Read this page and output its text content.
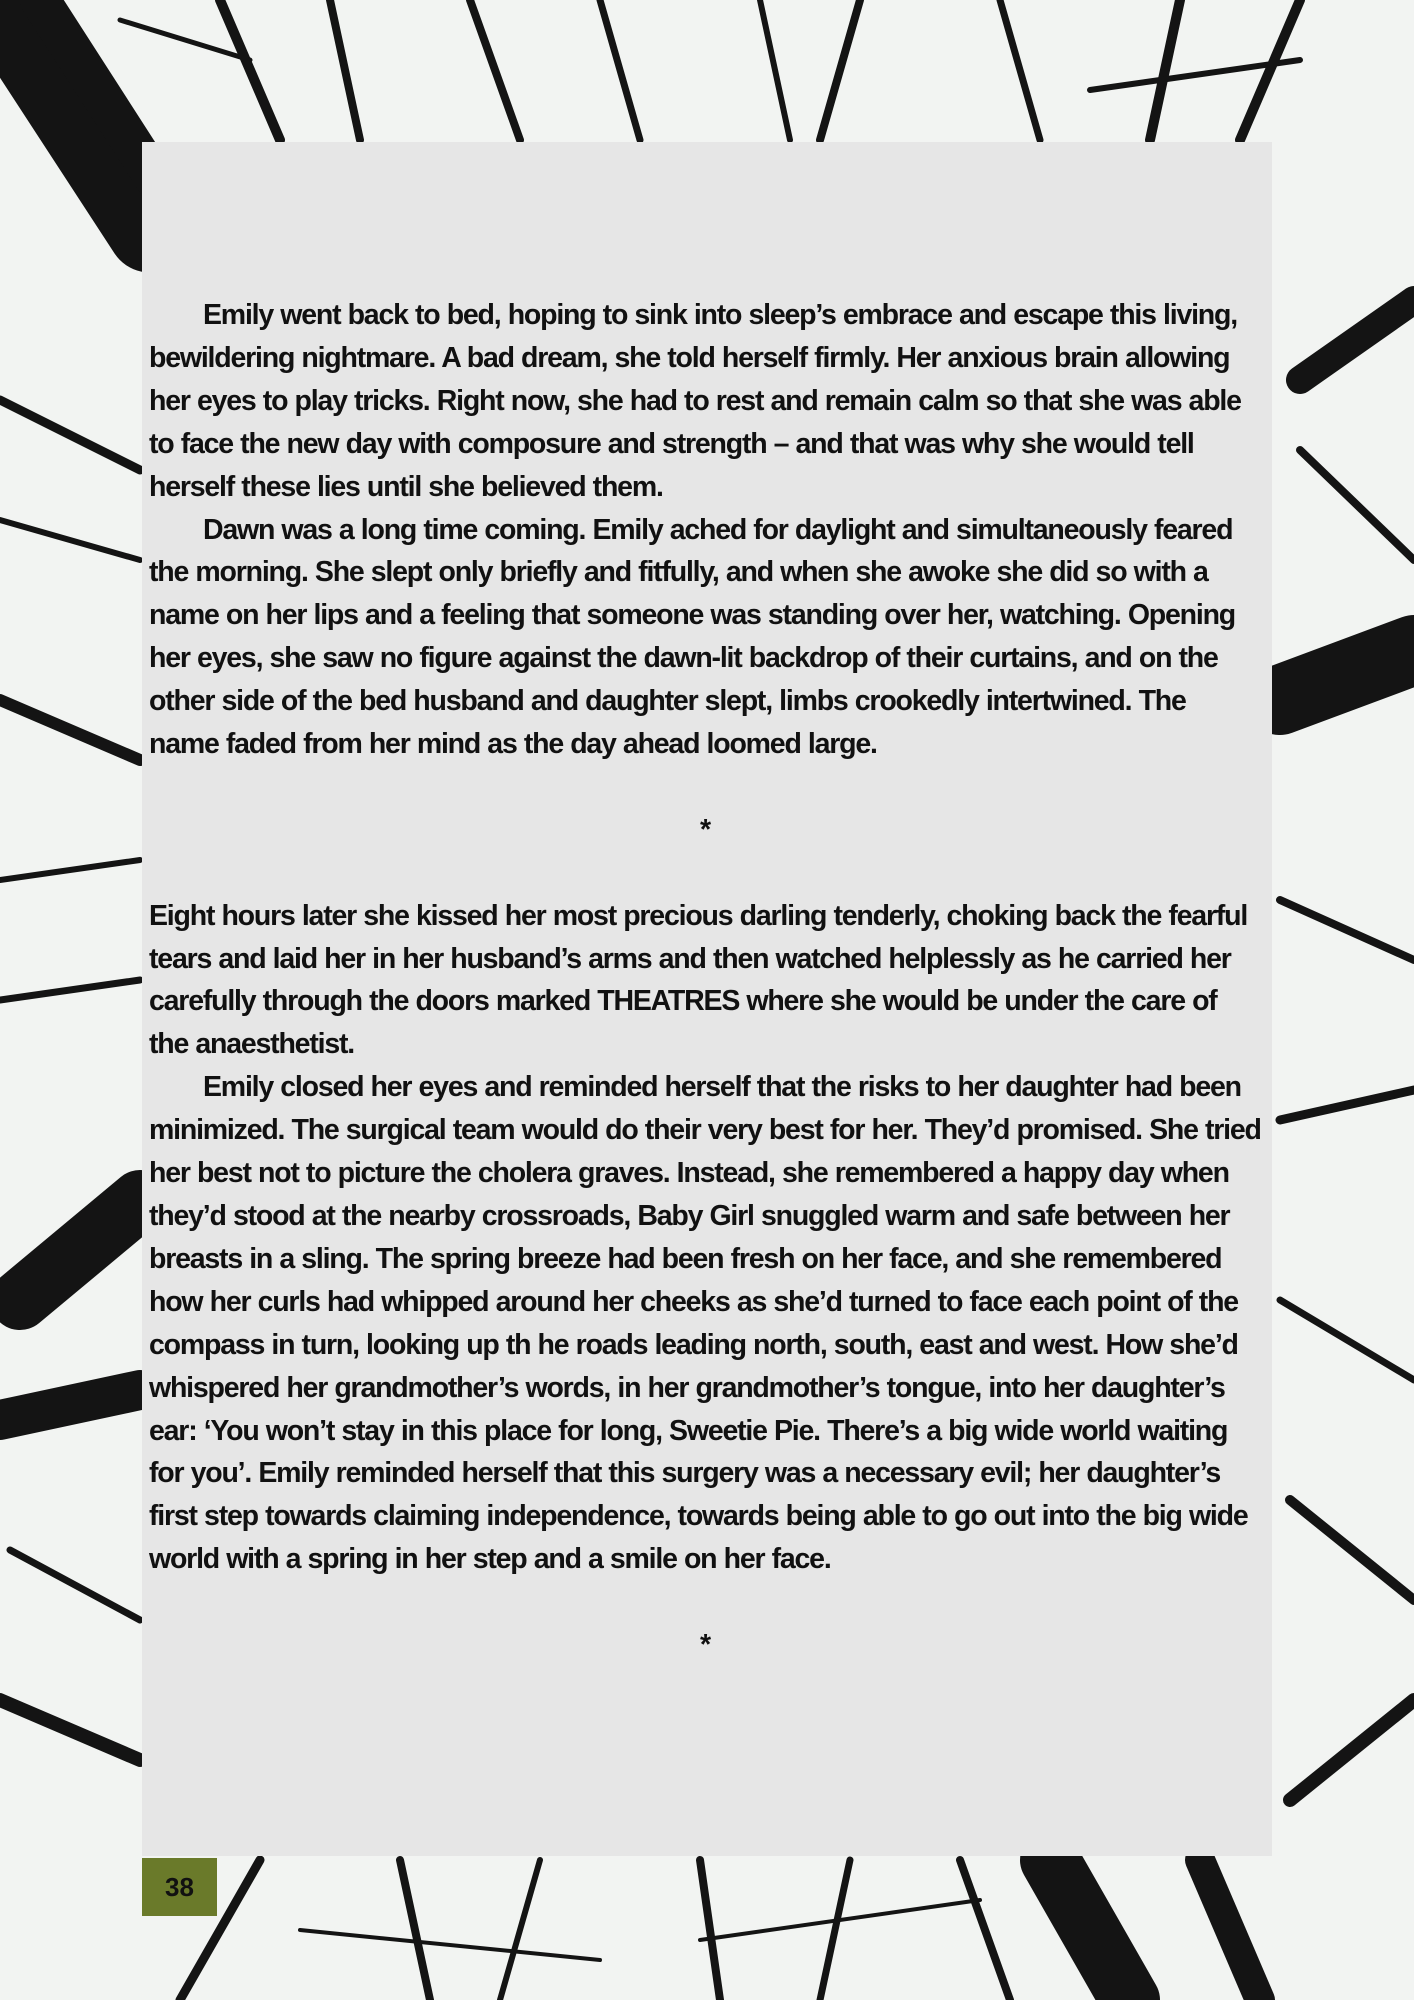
Emily went back to bed, hoping to sink into sleep’s embrace and escape this living, bewildering nightmare. A bad dream, she told herself firmly. Her anxious brain allowing her eyes to play tricks. Right now, she had to rest and remain calm so that she was able to face the new day with composure and strength – and that was why she would tell herself these lies until she believed them.

Dawn was a long time coming. Emily ached for daylight and simultaneously feared the morning. She slept only briefly and fitfully, and when she awoke she did so with a name on her lips and a feeling that someone was standing over her, watching. Opening her eyes, she saw no figure against the dawn-lit backdrop of their curtains, and on the other side of the bed husband and daughter slept, limbs crookedly intertwined. The name faded from her mind as the day ahead loomed large.

*

Eight hours later she kissed her most precious darling tenderly, choking back the fearful tears and laid her in her husband’s arms and then watched helplessly as he carried her carefully through the doors marked THEATRES where she would be under the care of the anaesthetist.

Emily closed her eyes and reminded herself that the risks to her daughter had been minimized. The surgical team would do their very best for her. They’d promised. She tried her best not to picture the cholera graves. Instead, she remembered a happy day when they’d stood at the nearby crossroads, Baby Girl snuggled warm and safe between her breasts in a sling. The spring breeze had been fresh on her face, and she remembered how her curls had whipped around her cheeks as she’d turned to face each point of the compass in turn, looking up th he roads leading north, south, east and west. How she’d whispered her grandmother’s words, in her grandmother’s tongue, into her daughter’s ear: ‘You won’t stay in this place for long, Sweetie Pie. There’s a big wide world waiting for you’. Emily reminded herself that this surgery was a necessary evil; her daughter’s first step towards claiming independence, towards being able to go out into the big wide world with a spring in her step and a smile on her face.

*

38
